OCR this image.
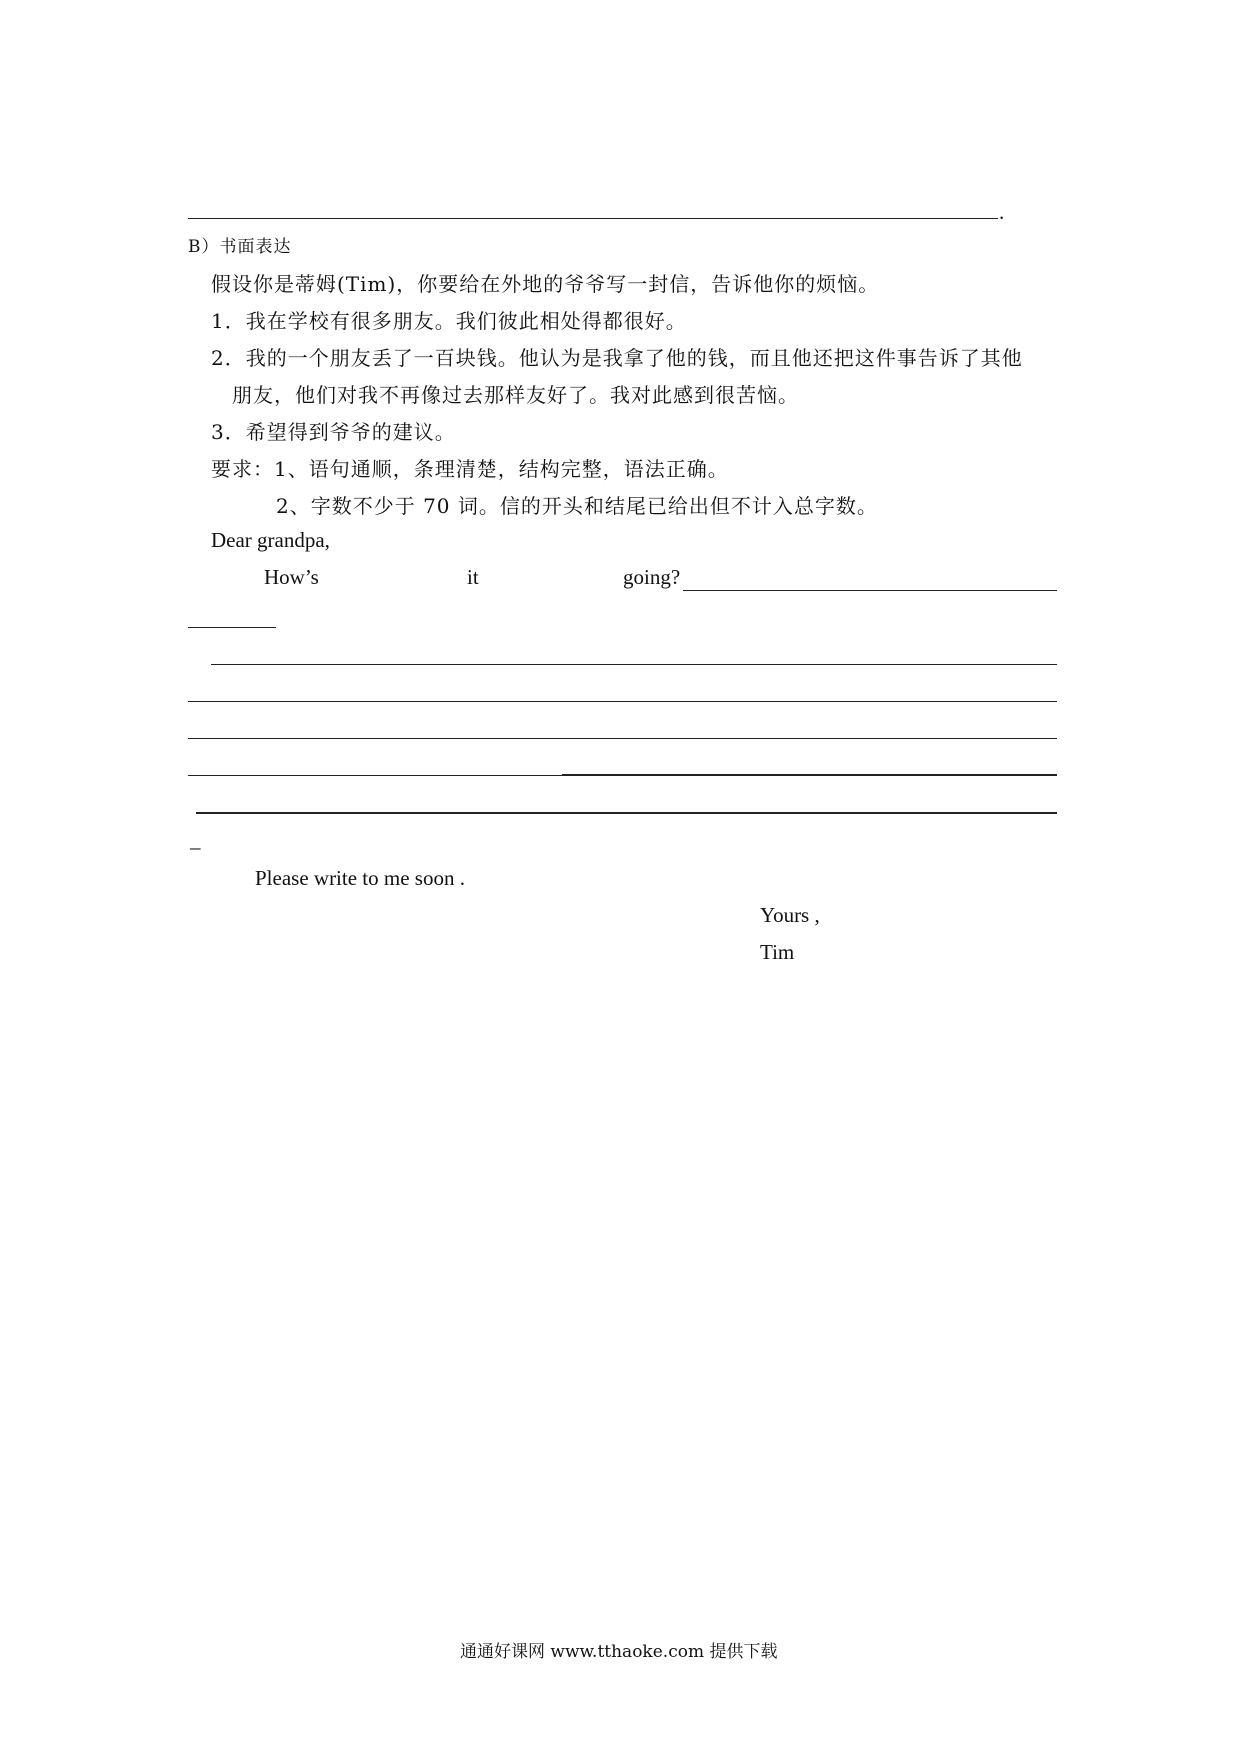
.
B）书面表达
假设你是蒂姆(Tim)，你要给在外地的爷爷写一封信，告诉他你的烦恼。
1．我在学校有很多朋友。我们彼此相处得都很好。
2．我的一个朋友丢了一百块钱。他认为是我拿了他的钱，而且他还把这件事告诉了其他
朋友，他们对我不再像过去那样友好了。我对此感到很苦恼。
3．希望得到爷爷的建议。
要求：1、语句通顺，条理清楚，结构完整，语法正确。
2、字数不少于 70 词。信的开头和结尾已给出但不计入总字数。
Dear grandpa,
How’s	it	going?
_
Please write to me soon .
Yours ,
Tim
通通好课网 www.tthaoke.com 提供下载
